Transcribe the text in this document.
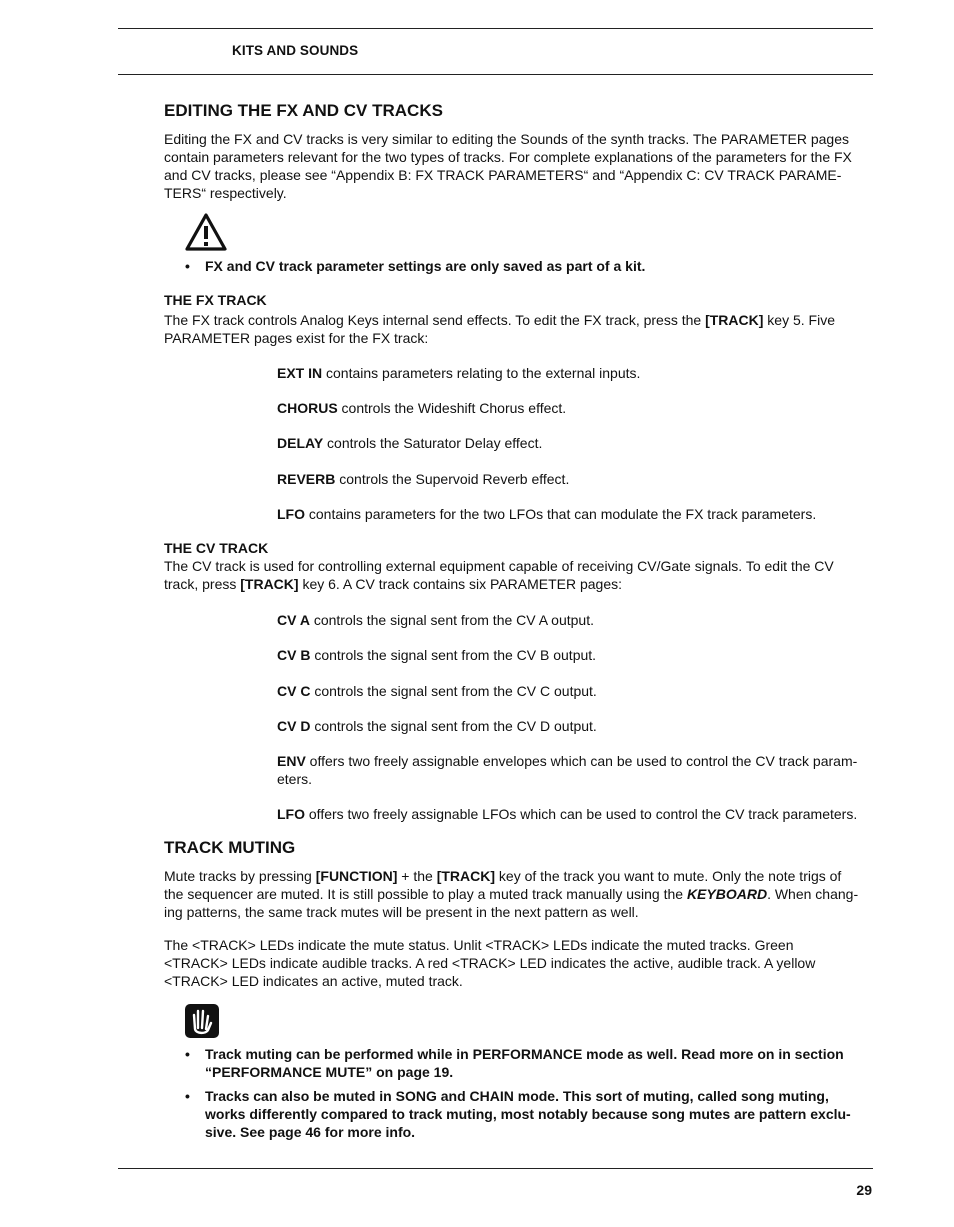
KITS AND SOUNDS
EDITING THE FX AND CV TRACKS
Editing the FX and CV tracks is very similar to editing the Sounds of the synth tracks. The PARAMETER pages
contain parameters relevant for the two types of tracks. For complete explanations of the parameters for the FX
and CV tracks, please see “Appendix B: FX TRACK PARAMETERS“ and “Appendix C: CV TRACK PARAME-
TERS“ respectively.
• FX and CV track parameter settings are only saved as part of a kit.
THE FX TRACK
The FX track controls Analog Keys internal send effects. To edit the FX track, press the [TRACK] key 5. Five
PARAMETER pages exist for the FX track:
EXT IN contains parameters relating to the external inputs.
CHORUS controls the Wideshift Chorus effect.
DELAY controls the Saturator Delay effect.
REVERB controls the Supervoid Reverb effect.
LFO contains parameters for the two LFOs that can modulate the FX track parameters.
THE CV TRACK
The CV track is used for controlling external equipment capable of receiving CV/Gate signals. To edit the CV
track, press [TRACK] key 6. A CV track contains six PARAMETER pages:
CV A controls the signal sent from the CV A output.
CV B controls the signal sent from the CV B output.
CV C controls the signal sent from the CV C output.
CV D controls the signal sent from the CV D output.
ENV offers two freely assignable envelopes which can be used to control the CV track param-
eters.
LFO offers two freely assignable LFOs which can be used to control the CV track parameters.
TRACK MUTING
Mute tracks by pressing [FUNCTION] + the [TRACK] key of the track you want to mute. Only the note trigs of
the sequencer are muted. It is still possible to play a muted track manually using the KEYBOARD. When chang-
ing patterns, the same track mutes will be present in the next pattern as well.
The <TRACK> LEDs indicate the mute status. Unlit <TRACK> LEDs indicate the muted tracks. Green
<TRACK> LEDs indicate audible tracks. A red <TRACK> LED indicates the active, audible track. A yellow
<TRACK> LED indicates an active, muted track.
• Track muting can be performed while in PERFORMANCE mode as well. Read more on in section
“PERFORMANCE MUTE” on page 19.
• Tracks can also be muted in SONG and CHAIN mode. This sort of muting, called song muting,
works differently compared to track muting, most notably because song mutes are pattern exclu-
sive. See page 46 for more info.
29
